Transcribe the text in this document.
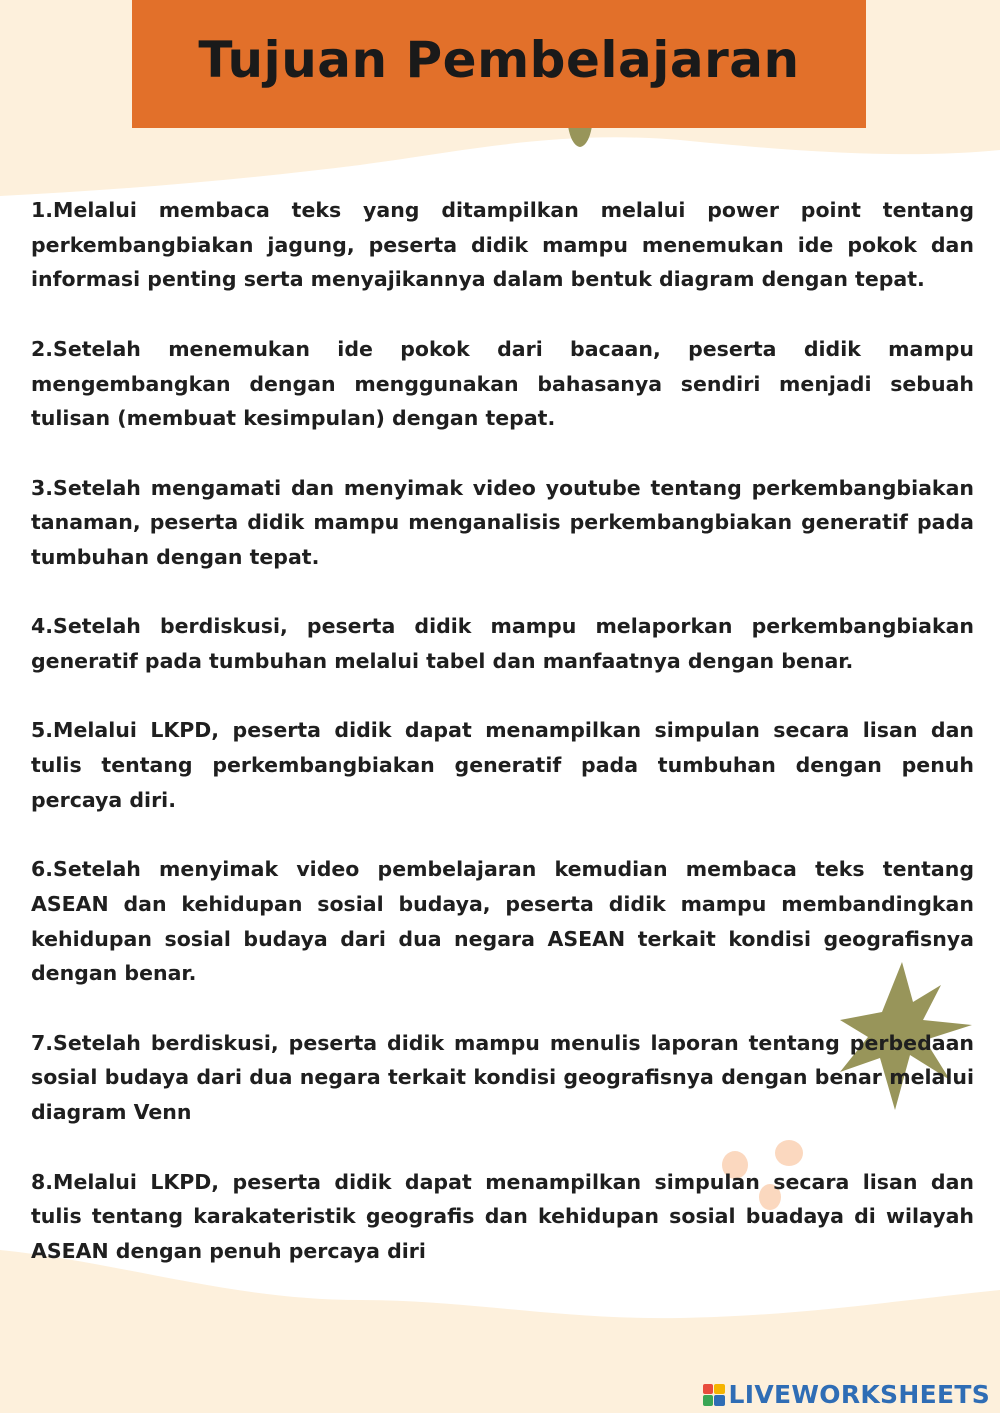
Tujuan Pembelajaran

1.Melalui membaca teks yang ditampilkan melalui power point tentang perkembangbiakan jagung, peserta didik mampu menemukan ide pokok dan informasi penting serta menyajikannya dalam bentuk diagram dengan tepat.

2.Setelah menemukan ide pokok dari bacaan, peserta didik mampu mengembangkan dengan menggunakan bahasanya sendiri menjadi sebuah tulisan (membuat kesimpulan) dengan tepat.

3.Setelah mengamati dan menyimak video youtube tentang perkembangbiakan tanaman, peserta didik mampu menganalisis perkembangbiakan generatif pada tumbuhan dengan tepat.

4.Setelah berdiskusi, peserta didik mampu melaporkan perkembangbiakan generatif pada tumbuhan melalui tabel dan manfaatnya dengan benar.

5.Melalui LKPD, peserta didik dapat menampilkan simpulan secara lisan dan tulis tentang perkembangbiakan generatif pada tumbuhan dengan penuh percaya diri.

6.Setelah menyimak video pembelajaran kemudian membaca teks tentang ASEAN dan kehidupan sosial budaya, peserta didik mampu membandingkan kehidupan sosial budaya dari dua negara ASEAN terkait kondisi geografisnya dengan benar.

7.Setelah berdiskusi, peserta didik mampu menulis laporan tentang perbedaan sosial budaya dari dua negara terkait kondisi geografisnya dengan benar melalui diagram Venn

8.Melalui LKPD, peserta didik dapat menampilkan simpulan secara lisan dan tulis tentang karakateristik geografis dan kehidupan sosial buadaya di wilayah ASEAN dengan penuh percaya diri

LIVEWORKSHEETS
